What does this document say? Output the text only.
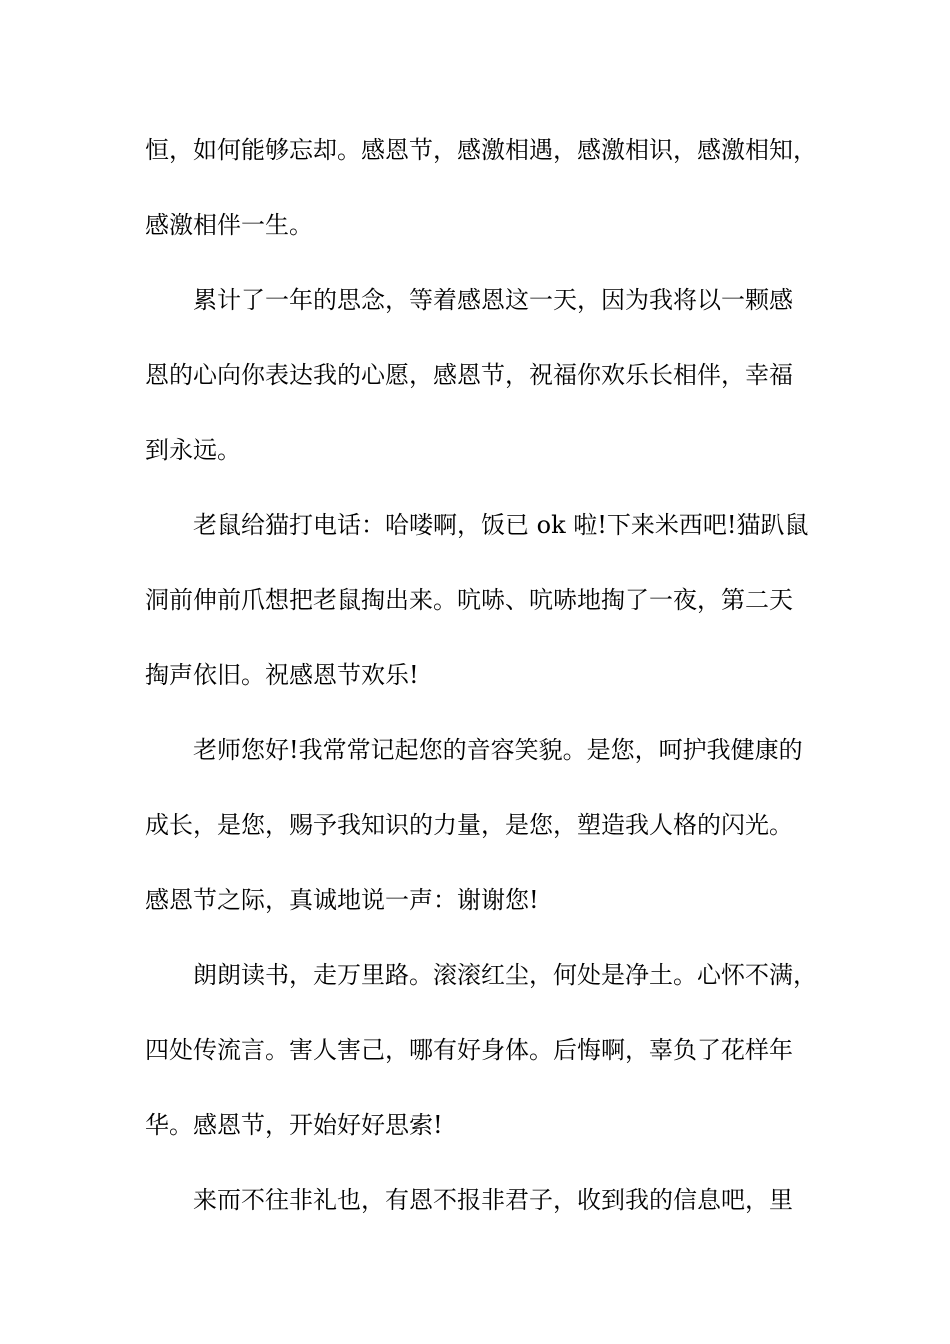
恒，如何能够忘却。感恩节，感激相遇，感激相识，感激相知，
感激相伴一生。
累计了一年的思念，等着感恩这一天，因为我将以一颗感
恩的心向你表达我的心愿，感恩节，祝福你欢乐长相伴，幸福
到永远。
老鼠给猫打电话：哈喽啊，饭已 ok 啦!下来米西吧!猫趴鼠
洞前伸前爪想把老鼠掏出来。吭哧、吭哧地掏了一夜，第二天
掏声依旧。祝感恩节欢乐!
老师您好!我常常记起您的音容笑貌。是您，呵护我健康的
成长，是您，赐予我知识的力量，是您，塑造我人格的闪光。
感恩节之际，真诚地说一声：谢谢您!
朗朗读书，走万里路。滚滚红尘，何处是净土。心怀不满，
四处传流言。害人害己，哪有好身体。后悔啊，辜负了花样年
华。感恩节，开始好好思索!
来而不往非礼也，有恩不报非君子，收到我的信息吧，里
